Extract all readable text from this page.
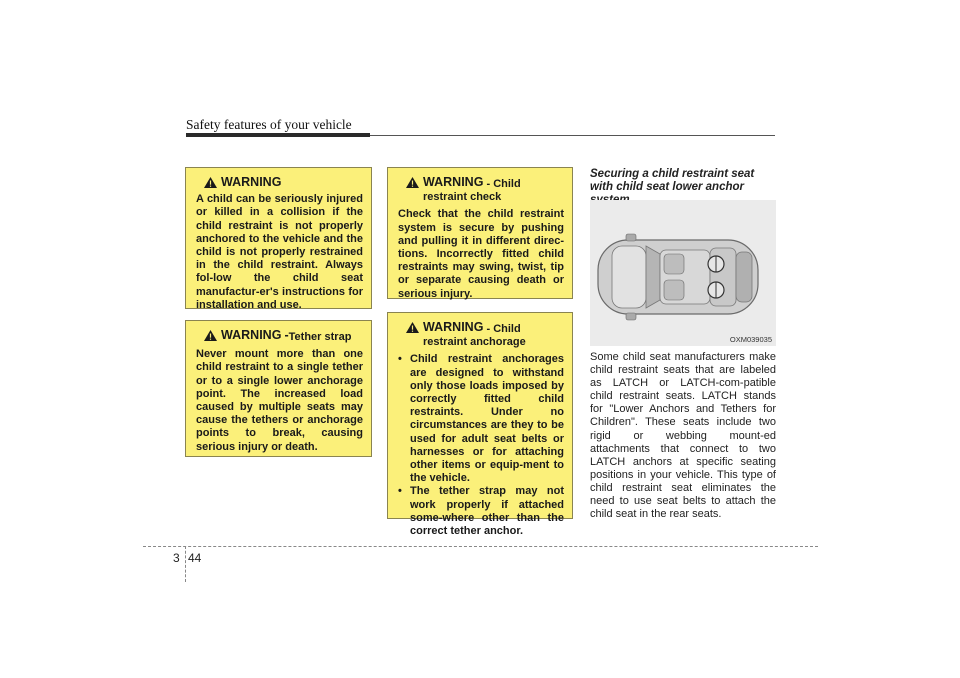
Safety features of your vehicle
WARNING
A child can be seriously injured or killed in a collision if the child restraint is not properly anchored to the vehicle and the child is not properly restrained in the child restraint. Always fol-low the child seat manufactur-er's instructions for installation and use.
WARNING
- Tether strap
Never mount more than one child restraint to a single tether or to a single lower anchorage point. The increased load caused by multiple seats may cause the tethers or anchorage points to break, causing serious injury or death.
WARNING - Child
restraint check
Check that the child restraint system is secure by pushing and pulling it in different direc-tions. Incorrectly fitted child restraints may swing, twist, tip or separate causing death or serious injury.
WARNING - Child
restraint anchorage
• Child restraint anchorages are designed to withstand only those loads imposed by correctly fitted child restraints. Under no circumstances are they to be used for adult seat belts or harnesses or for attaching other items or equip-ment to the vehicle.
• The tether strap may not work properly if attached some-where other than the correct tether anchor.
Securing a child restraint seat with child seat lower anchor
OXM039035
Some child seat manufacturers make child restraint seats that are labeled as LATCH or LATCH-com-patible child restraint seats. LATCH stands for "Lower Anchors and Tethers for Children". These seats include two rigid or webbing mount-ed attachments that connect to two LATCH anchors at specific seating positions in your vehicle. This type of child restraint seat eliminates the need to use seat belts to attach the child seat in the rear seats.
3 44
